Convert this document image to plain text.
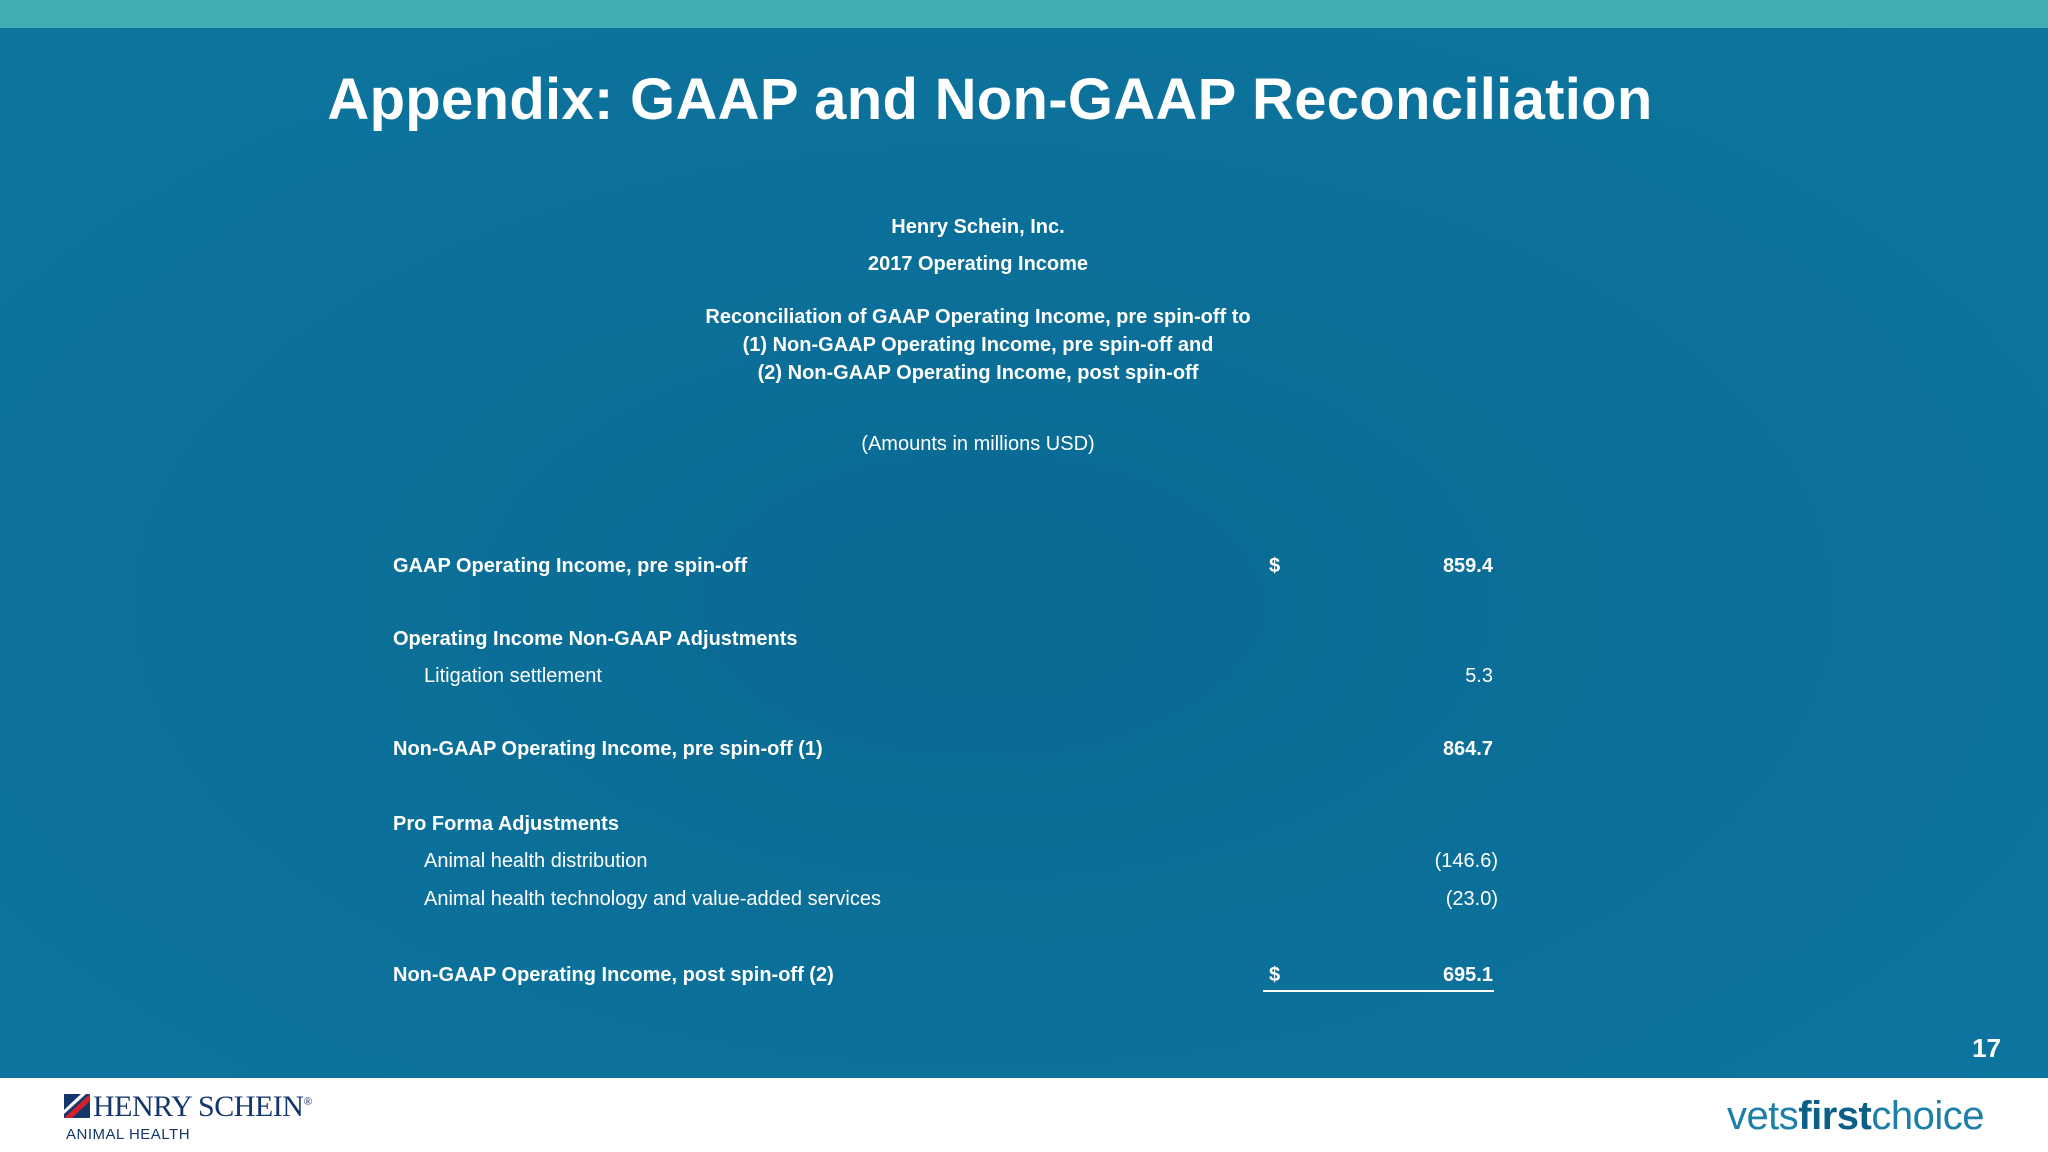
Appendix: GAAP and Non-GAAP Reconciliation
Henry Schein, Inc.
2017 Operating Income
Reconciliation of GAAP Operating Income, pre spin-off to
(1) Non-GAAP Operating Income, pre spin-off and
(2) Non-GAAP Operating Income, post spin-off
(Amounts in millions USD)
GAAP Operating Income, pre spin-off	$	859.4
Operating Income Non-GAAP Adjustments
Litigation settlement	5.3
Non-GAAP Operating Income, pre spin-off (1)	864.7
Pro Forma Adjustments
Animal health distribution	(146.6)
Animal health technology and value-added services	(23.0)
Non-GAAP Operating Income, post spin-off (2)	$	695.1
17
HENRY SCHEIN®
ANIMAL HEALTH	vetsfirstchoice
